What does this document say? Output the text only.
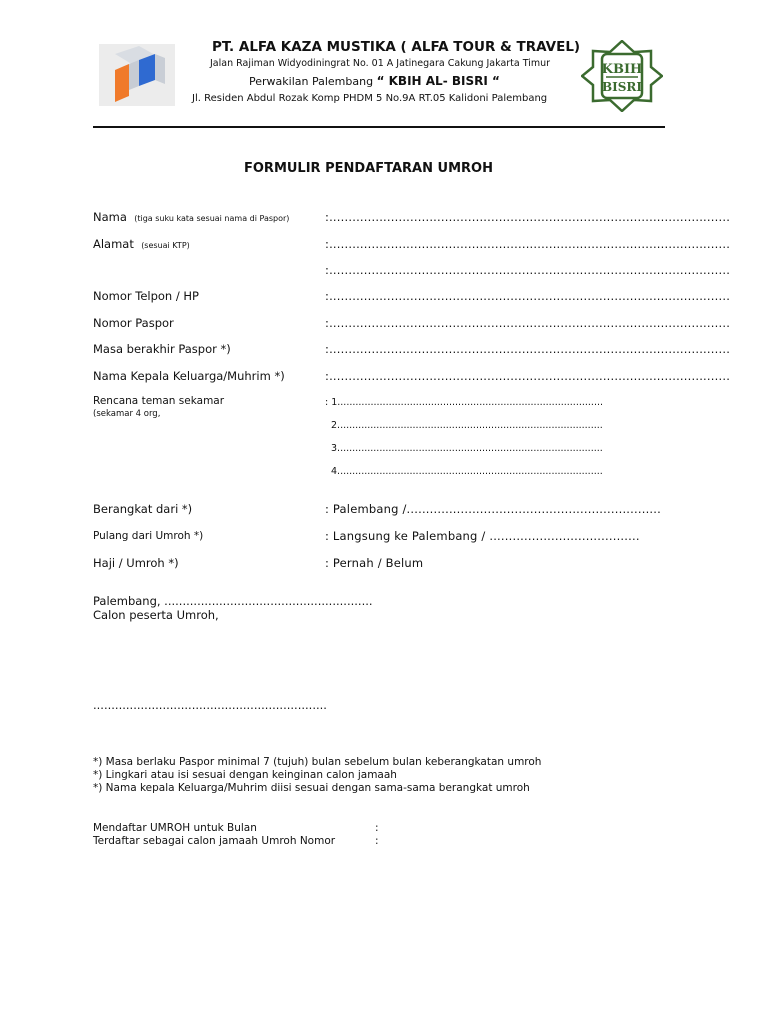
PT. ALFA KAZA MUSTIKA ( ALFA TOUR & TRAVEL)
Jalan Rajiman Widyodiningrat No. 01 A Jatinegara Cakung Jakarta Timur
Perwakilan Palembang “ KBIH AL- BISRI “
Jl. Residen Abdul Rozak Komp PHDM 5 No.9A RT.05 Kalidoni Palembang
KBIH
BISRI
FORMULIR PENDAFTARAN UMROH
Nama (tiga suku kata sesuai nama di Paspor)	:........................................................................................................
Alamat (sesuai KTP)	:........................................................................................................
:........................................................................................................
Nomor Telpon / HP	:........................................................................................................
Nomor Paspor	:........................................................................................................
Masa berakhir Paspor *)	:........................................................................................................
Nama Kepala Keluarga/Muhrim *)	:........................................................................................................
Rencana teman sekamar
(sekamar 4 org,
: 1........................................................................................
2........................................................................................
3........................................................................................
4........................................................................................
Berangkat dari *)	: Palembang /..................................................................
Pulang dari Umroh *)	: Langsung ke Palembang / .......................................
Haji / Umroh *)	: Pernah / Belum
Palembang, .........................................................
Calon peserta Umroh,
................................................................
*) Masa berlaku Paspor minimal 7 (tujuh) bulan sebelum bulan keberangkatan umroh
*) Lingkari atau isi sesuai dengan keinginan calon jamaah
*) Nama kepala Keluarga/Muhrim diisi sesuai dengan sama-sama berangkat umroh
Mendaftar UMROH untuk Bulan	:
Terdaftar sebagai calon jamaah Umroh Nomor	:
